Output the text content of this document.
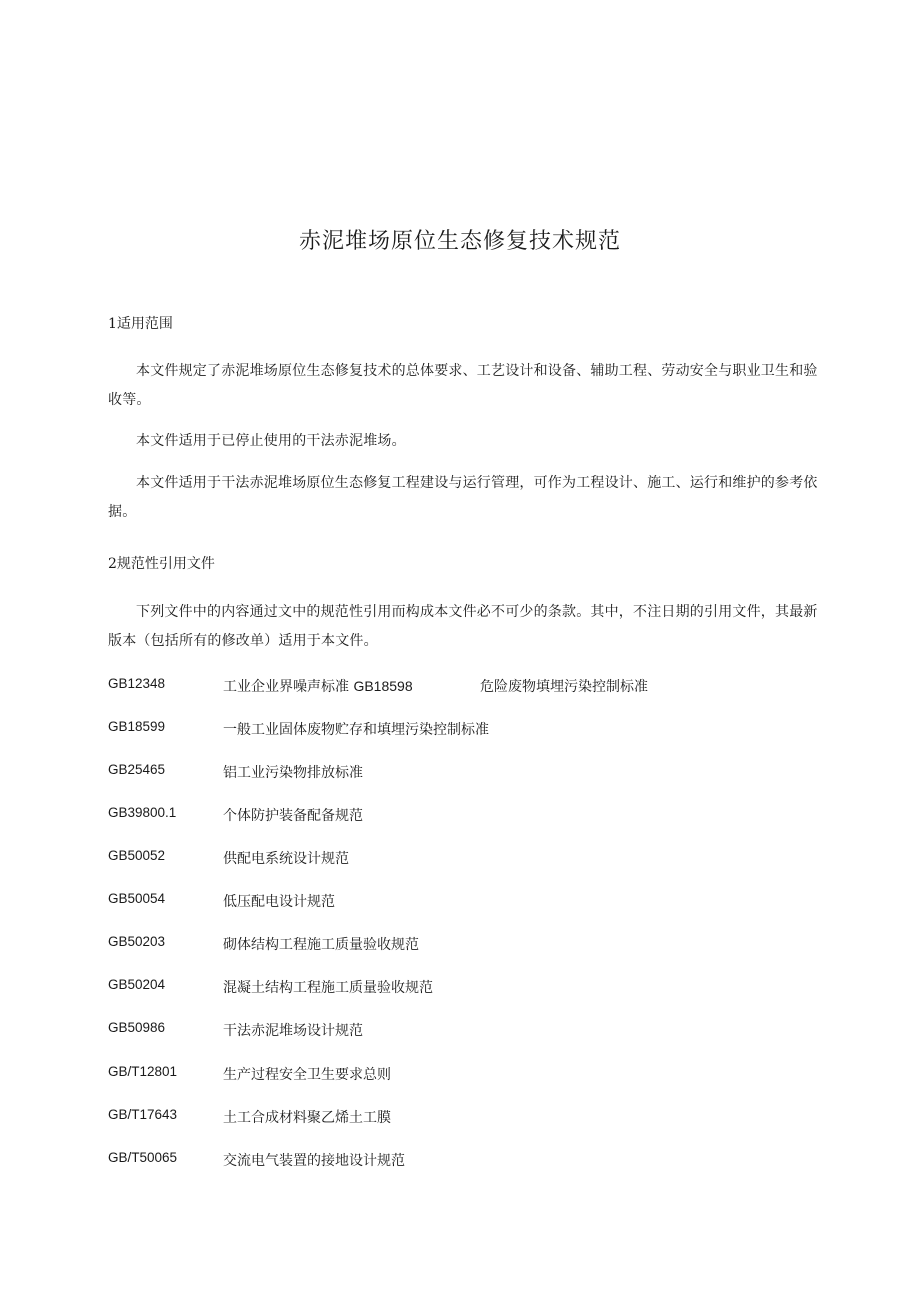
赤泥堆场原位生态修复技术规范
1适用范围

本文件规定了赤泥堆场原位生态修复技术的总体要求、工艺设计和设备、辅助工程、劳动安全与职业卫生和验收等。

本文件适用于已停止使用的干法赤泥堆场。

本文件适用于干法赤泥堆场原位生态修复工程建设与运行管理，可作为工程设计、施工、运行和维护的参考依据。

2规范性引用文件

下列文件中的内容通过文中的规范性引用而构成本文件必不可少的条款。其中，不注日期的引用文件，其最新版本（包括所有的修改单）适用于本文件。

GB12348	工业企业界噪声标准 GB18598	危险废物填埋污染控制标准
GB18599	一般工业固体废物贮存和填埋污染控制标准
GB25465	铝工业污染物排放标准
GB39800.1	个体防护装备配备规范
GB50052	供配电系统设计规范
GB50054	低压配电设计规范
GB50203	砌体结构工程施工质量验收规范
GB50204	混凝土结构工程施工质量验收规范
GB50986	干法赤泥堆场设计规范
GB/T12801	生产过程安全卫生要求总则
GB/T17643	土工合成材料聚乙烯土工膜
GB/T50065	交流电气装置的接地设计规范
